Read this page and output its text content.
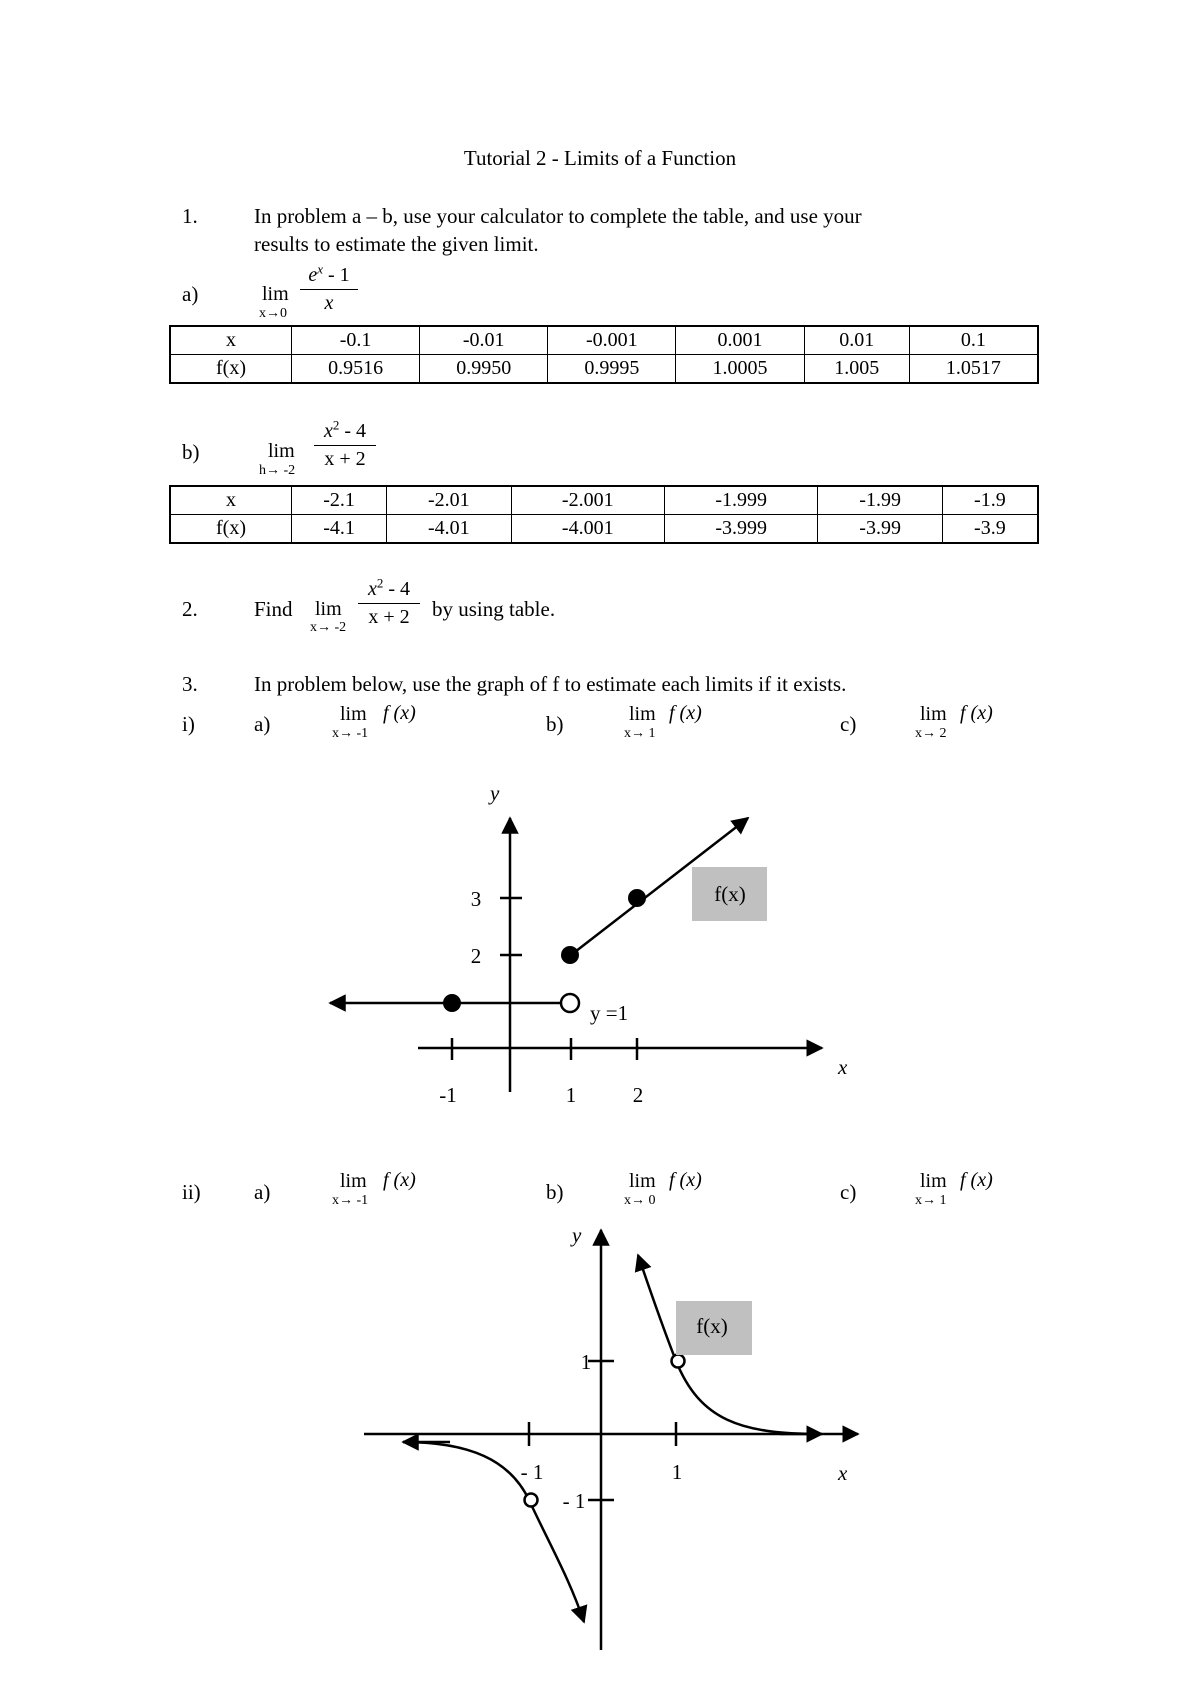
Tutorial 2 - Limits of a Function
1.	In problem a – b, use your calculator to complete the table, and use your
results to estimate the given limit.
a)	lim
x→0
$e^x - 1$
x
x	-0.1	-0.01	-0.001	0.001	0.01	0.1
f(x)	0.9516	0.9950	0.9995	1.0005	1.005	1.0517
b)	lim
h→ -2
$x^2 - 4$
x + 2
x	-2.1	-2.01	-2.001	-1.999	-1.99	-1.9
f(x)	-4.1	-4.01	-4.001	-3.999	-3.99	-3.9
2.	Find lim
x→ -2
$x^2 - 4$
x + 2	by using table.
3.	In problem below, use the graph of f to estimate each limits if it exists.
i)	a)	lim
x→ -1
f (x)	b)	lim
x→ 1
f (x)	c)	lim
x→ 2
f (x)
f(x)
y
x
3
2
-1	1	2
y =1
ii)	a)	lim
x→ -1
f (x)	b)	lim
x→ 0
f (x)	c)	lim
x→ 1
f (x)
f(x)
y
x
1
- 1
- 1	1
